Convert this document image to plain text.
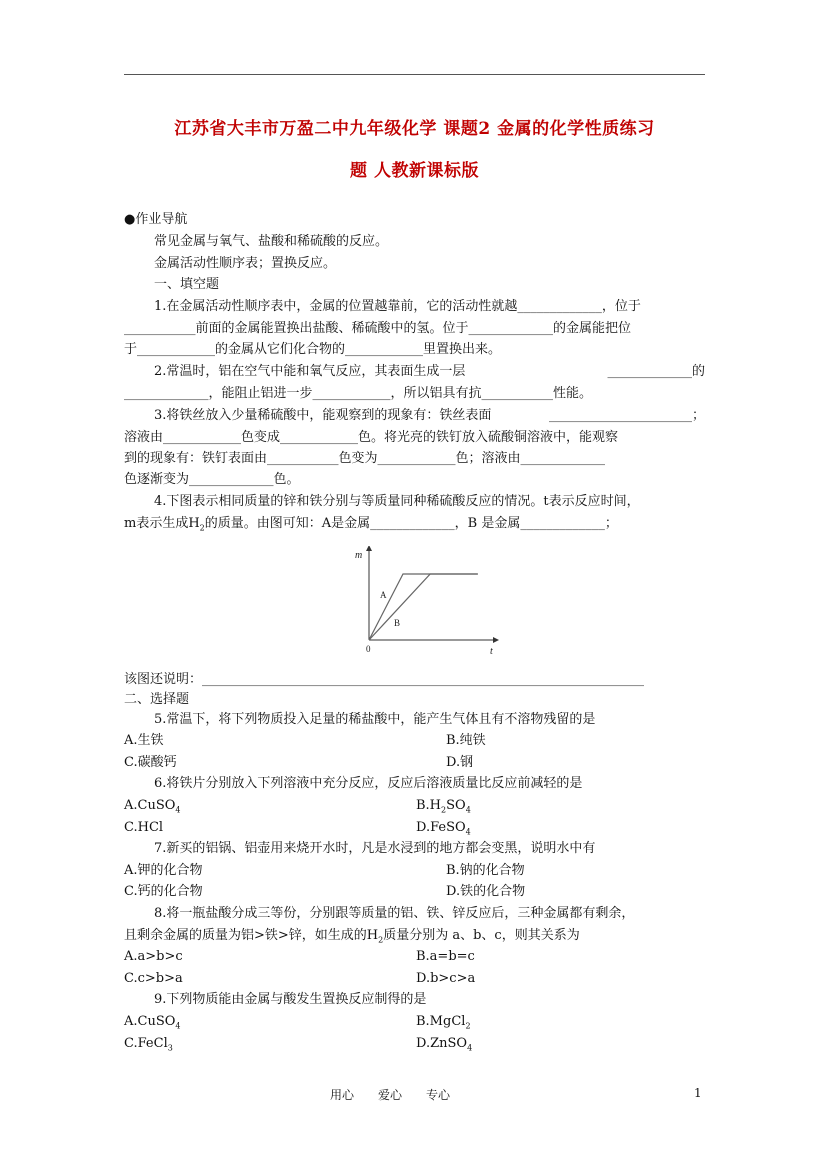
江苏省大丰市万盈二中九年级化学 课题2 金属的化学性质练习
题 人教新课标版
●作业导航
常见金属与氧气、盐酸和稀硫酸的反应。
金属活动性顺序表；置换反应。
一、填空题
1.在金属活动性顺序表中，金属的位置越靠前，它的活动性就越_____________，位于
___________前面的金属能置换出盐酸、稀硫酸中的氢。位于_____________的金属能把位
于____________的金属从它们化合物的____________里置换出来。
2.常温时，铝在空气中能和氧气反应，其表面生成一层	_____________的
_____________，能阻止铝进一步____________，所以铝具有抗___________性能。
3.将铁丝放入少量稀硫酸中，能观察到的现象有：铁丝表面	______________________；
溶液由____________色变成____________色。将光亮的铁钉放入硫酸铜溶液中，能观察
到的现象有：铁钉表面由___________色变为____________色；溶液由_____________
色逐渐变为_____________色。
4.下图表示相同质量的锌和铁分别与等质量同种稀硫酸反应的情况。t表示反应时间，
m表示生成$H_2$的质量。由图可知：A是金属_____________，B 是金属_____________；
m
t
0
A
B
该图还说明：____________________________________________________________________
二、选择题
5.常温下，将下列物质投入足量的稀盐酸中，能产生气体且有不溶物残留的是
A.生铁	B.纯铁
C.碳酸钙	D.钢
6.将铁片分别放入下列溶液中充分反应，反应后溶液质量比反应前减轻的是
A.CuSO$_4$	$B.H_2SO_4$
C.HCl	D.FeSO$_4$
7.新买的铝锅、铝壶用来烧开水时，凡是水浸到的地方都会变黑，说明水中有
A.钾的化合物	B.钠的化合物
C.钙的化合物	D.铁的化合物
8.将一瓶盐酸分成三等份，分别跟等质量的铝、铁、锌反应后，三种金属都有剩余，
且剩余金属的质量为铝>铁>锌，如生成的$H_2$质量分别为 a、b、c，则其关系为
A.a>b>c	B.a=b=c
C.c>b>a	D.b>c>a
9.下列物质能由金属与酸发生置换反应制得的是
A.CuSO$_4$	B.MgCl$_2$
C.FeCl$_3$	D.ZnSO$_4$
用心　　爱心　　专心	1
